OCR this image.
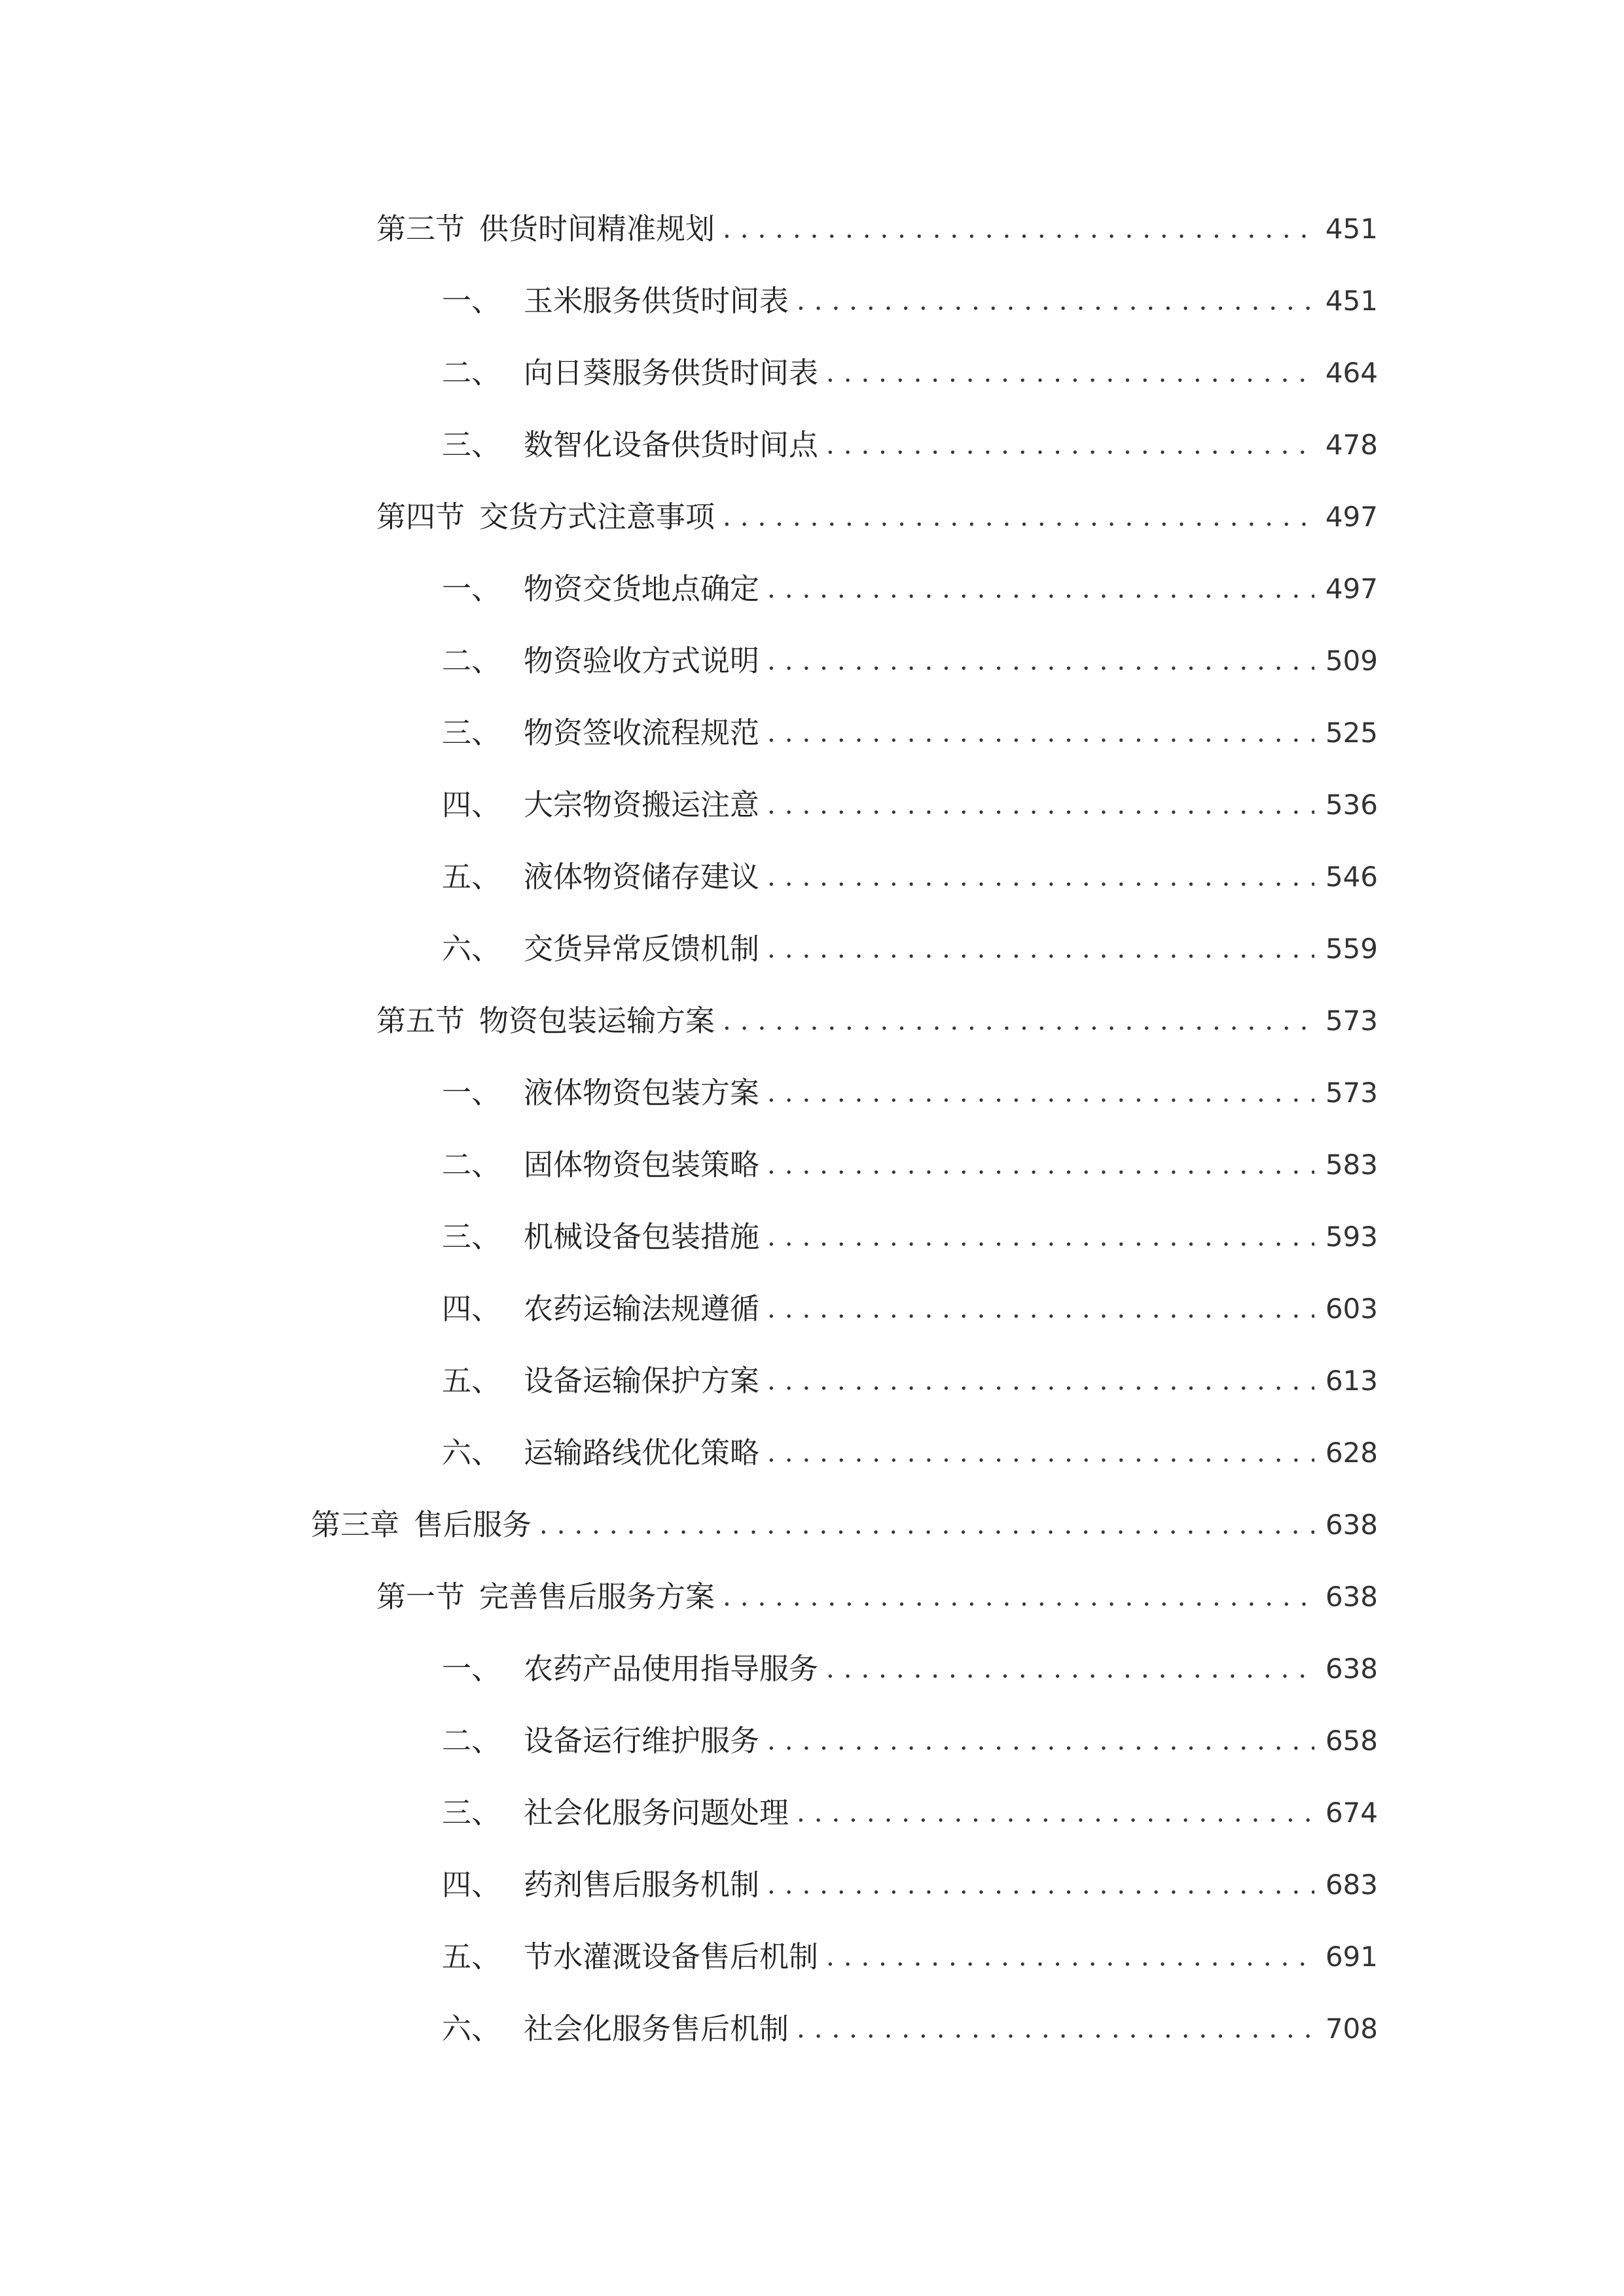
第三节 供货时间精准规划 .....	451
一、 玉米服务供货时间表 .....	451
二、 向日葵服务供货时间表 .....	464
三、 数智化设备供货时间点 .....	478
第四节 交货方式注意事项 .....	497
一、 物资交货地点确定 .....	497
二、 物资验收方式说明 .....	509
三、 物资签收流程规范 .....	525
四、 大宗物资搬运注意 .....	536
五、 液体物资储存建议 .....	546
六、 交货异常反馈机制 .....	559
第五节 物资包装运输方案 .....	573
一、 液体物资包装方案 .....	573
二、 固体物资包装策略 .....	583
三、 机械设备包装措施 .....	593
四、 农药运输法规遵循 .....	603
五、 设备运输保护方案 .....	613
六、 运输路线优化策略 .....	628
第三章 售后服务 .....	638
第一节 完善售后服务方案 .....	638
一、 农药产品使用指导服务 .....	638
二、 设备运行维护服务 .....	658
三、 社会化服务问题处理 .....	674
四、 药剂售后服务机制 .....	683
五、 节水灌溉设备售后机制 .....	691
六、 社会化服务售后机制 .....	708
